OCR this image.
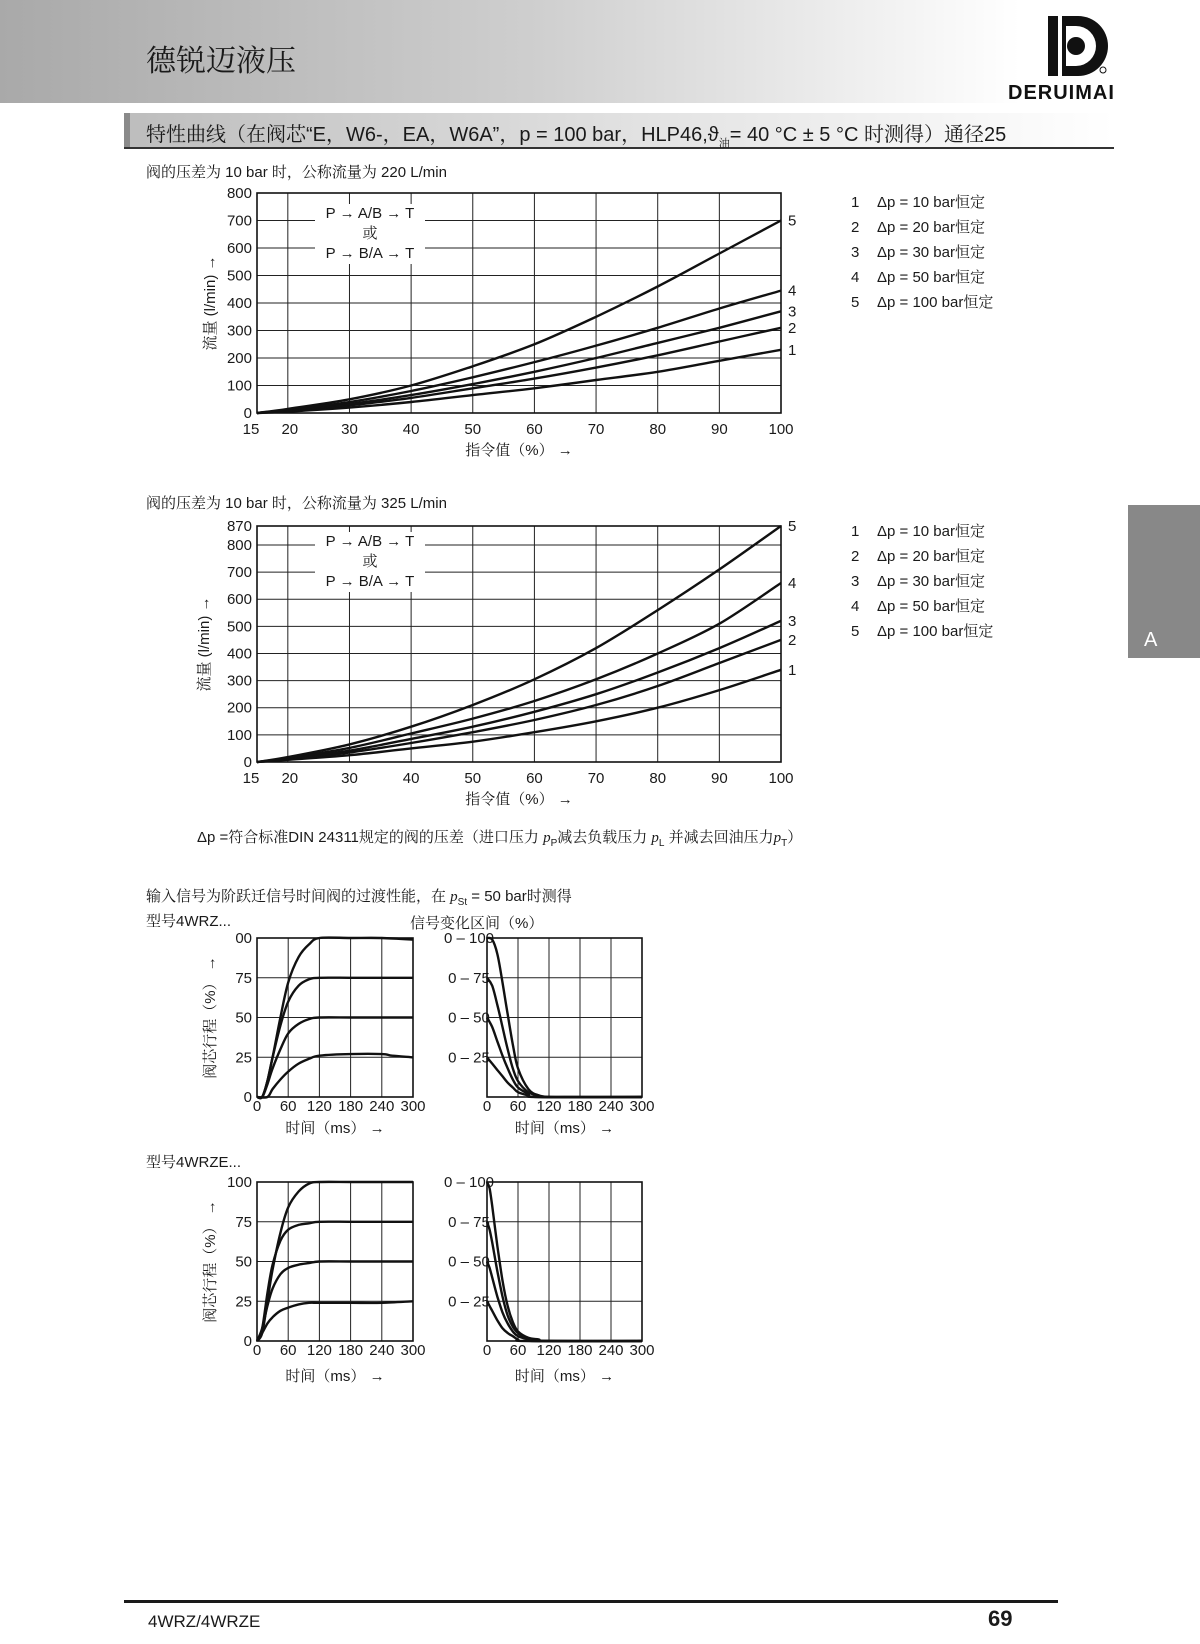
德锐迈液压
DERUIMAI
特性曲线（在阀芯“E，W6-，EA，W6A”，p = 100 bar，$HLP46,ϑ_油= 40$ °C ± 5 °C 时测得）通径25
阀的压差为 10 bar 时，公称流量为 220 L/min
阀的压差为 10 bar 时，公称流量为 325 L/min
1 Δp = 10 bar恒定
2 Δp = 20 bar恒定
3 Δp = 30 bar恒定
4 Δp = 50 bar恒定
5 Δp = 100 bar恒定
1 Δp = 10 bar恒定
2 Δp = 20 bar恒定
3 Δp = 30 bar恒定
4 Δp = 50 bar恒定
5 Δp = 100 bar恒定	A
Δp =符合标准DIN 24311规定的阀的压差（进口压力 $p_P$减去负载压力 $p_L$ 并减去回油压力$p_T$）
输入信号为阶跃迁信号时间阀的过渡性能，在 $p_{St} = 50$ bar时测得
型号4WRZ...	信号变化区间（%）
型号4WRZE...
P → A/B → T
或
P → B/A → T
15 20	30	40	50	60	70	80	90	100
0
100
200
300
400
500
600
700
800
指令值（%） →
流量 (l/min) →	1
2
3
4
5
P → A/B → T
或
P → B/A → T
15 20	30	40	50	60	70	80	90	100
0
100
200
300
400
500
600
700
800
870
指令值（%） →
流量 (l/min) →	1
2
3
4
5
0 60 120 180 240 300
0
25
50
75
00
时间（ms） →
阀芯行程（%） →
0 – 100
0 – 75
0 – 50
0 – 25
0 60 120 180 240 300
时间（ms） →
0 60 120 180 240 300
0
25
50
75
100
时间（ms） →
阀芯行程（%） →
0 – 100
0 – 75
0 – 50
0 – 25
0 60 120 180 240 300
时间（ms） →
4WRZ/4WRZE	69
